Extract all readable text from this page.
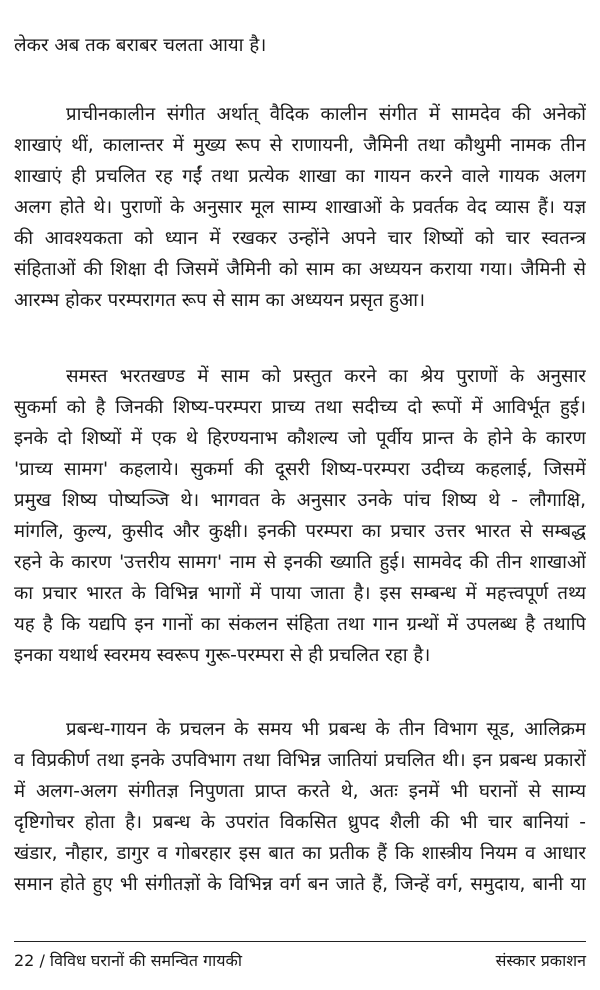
लेकर अब तक बराबर चलता आया है।
प्राचीनकालीन संगीत अर्थात् वैदिक कालीन संगीत में सामदेव की अनेकों
शाखाएं थीं, कालान्तर में मुख्य रूप से राणायनी, जैमिनी तथा कौथुमी नामक तीन
शाखाएं ही प्रचलित रह गईं तथा प्रत्येक शाखा का गायन करने वाले गायक अलग
अलग होते थे। पुराणों के अनुसार मूल साम्य शाखाओं के प्रवर्तक वेद व्यास हैं। यज्ञ
की आवश्यकता को ध्यान में रखकर उन्होंने अपने चार शिष्यों को चार स्वतन्त्र
संहिताओं की शिक्षा दी जिसमें जैमिनी को साम का अध्ययन कराया गया। जैमिनी से
आरम्भ होकर परम्परागत रूप से साम का अध्ययन प्रसृत हुआ।
समस्त भरतखण्ड में साम को प्रस्तुत करने का श्रेय पुराणों के अनुसार
सुकर्मा को है जिनकी शिष्य-परम्परा प्राच्य तथा सदीच्य दो रूपों में आविर्भूत हुई।
इनके दो शिष्यों में एक थे हिरण्यनाभ कौशल्य जो पूर्वीय प्रान्त के होने के कारण
'प्राच्य सामग' कहलाये। सुकर्मा की दूसरी शिष्य-परम्परा उदीच्य कहलाई, जिसमें
प्रमुख शिष्य पोष्यञ्जि थे। भागवत के अनुसार उनके पांच शिष्य थे - लौगाक्षि,
मांगलि, कुल्य, कुसीद और कुक्षी। इनकी परम्परा का प्रचार उत्तर भारत से सम्बद्ध
रहने के कारण 'उत्तरीय सामग' नाम से इनकी ख्याति हुई। सामवेद की तीन शाखाओं
का प्रचार भारत के विभिन्न भागों में पाया जाता है। इस सम्बन्ध में महत्त्वपूर्ण तथ्य
यह है कि यद्यपि इन गानों का संकलन संहिता तथा गान ग्रन्थों में उपलब्ध है तथापि
इनका यथार्थ स्वरमय स्वरूप गुरू-परम्परा से ही प्रचलित रहा है।
प्रबन्ध-गायन के प्रचलन के समय भी प्रबन्ध के तीन विभाग सूड, आलिक्रम
व विप्रकीर्ण तथा इनके उपविभाग तथा विभिन्न जातियां प्रचलित थी। इन प्रबन्ध प्रकारों
में अलग-अलग संगीतज्ञ निपुणता प्राप्त करते थे, अतः इनमें भी घरानों से साम्य
दृष्टिगोचर होता है। प्रबन्ध के उपरांत विकसित ध्रुपद शैली की भी चार बानियां -
खंडार, नौहार, डागुर व गोबरहार इस बात का प्रतीक हैं कि शास्त्रीय नियम व आधार
समान होते हुए भी संगीतज्ञों के विभिन्न वर्ग बन जाते हैं, जिन्हें वर्ग, समुदाय, बानी या
22 / विविध घरानों की समन्वित गायकी	संस्कार प्रकाशन
